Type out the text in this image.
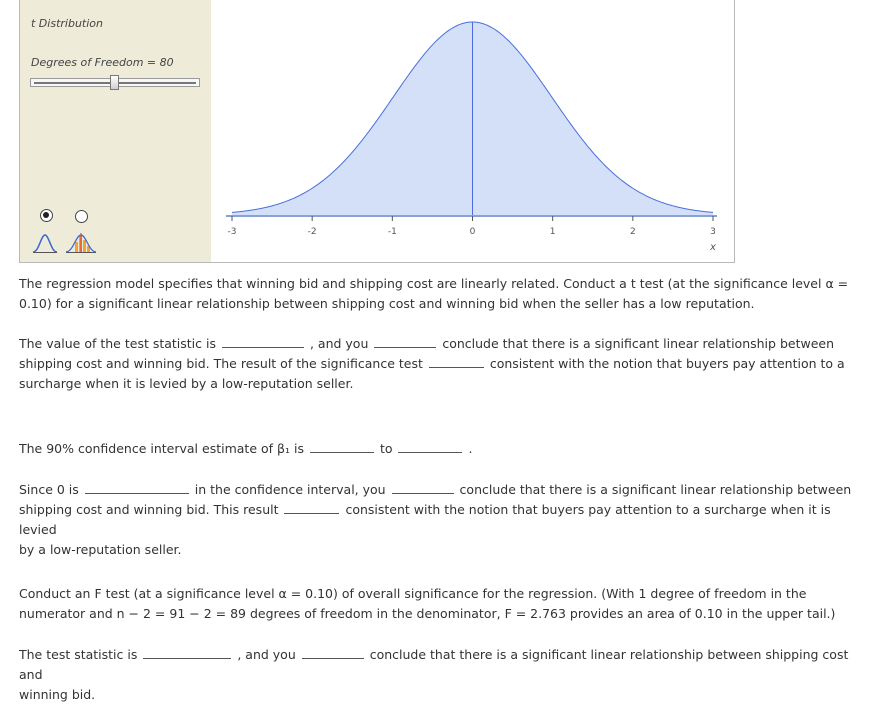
t Distribution
Degrees of Freedom = 80
-3	-2	-1	0	1	2	3
x
The regression model specifies that winning bid and shipping cost are linearly related. Conduct a t test (at the significance level α = 0.10) for a significant linear relationship between shipping cost and winning bid when the seller has a low reputation.
The value of the test statistic is	, and you	conclude that there is a significant linear relationship between
shipping cost and winning bid. The result of the significance test	consistent with the notion that buyers pay attention to a
surcharge when it is levied by a low-reputation seller.
The 90% confidence interval estimate of β₁ is	to	.
Since 0 is	in the confidence interval, you	conclude that there is a significant linear relationship between
shipping cost and winning bid. This result	consistent with the notion that buyers pay attention to a surcharge when it is levied
by a low-reputation seller.
Conduct an F test (at a significance level α = 0.10) of overall significance for the regression. (With 1 degree of freedom in the numerator and n − 2 = 91 − 2 = 89 degrees of freedom in the denominator, F = 2.763 provides an area of 0.10 in the upper tail.)
The test statistic is	, and you	conclude that there is a significant linear relationship between shipping cost and
winning bid.
